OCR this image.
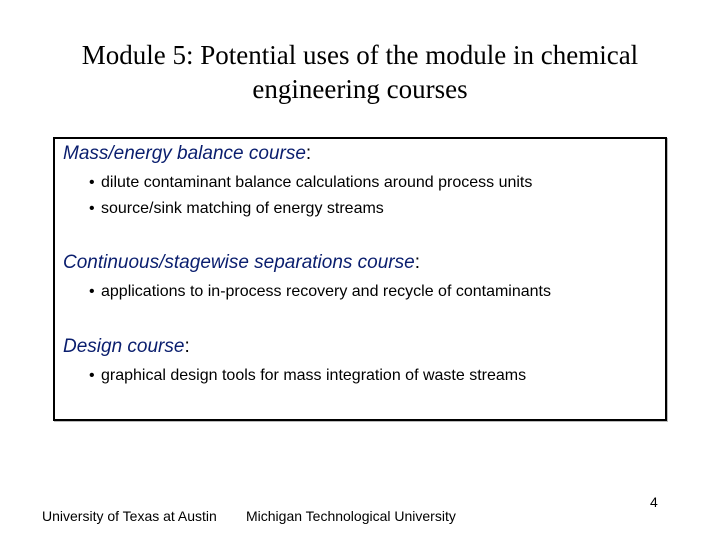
Module 5: Potential uses of the module in chemical
engineering courses
Mass/energy balance course:
• dilute contaminant balance calculations around process units
• source/sink matching of energy streams
Continuous/stagewise separations course:
• applications to in-process recovery and recycle of contaminants
Design course:
• graphical design tools for mass integration of waste streams
University of Texas at Austin Michigan Technological University
4
